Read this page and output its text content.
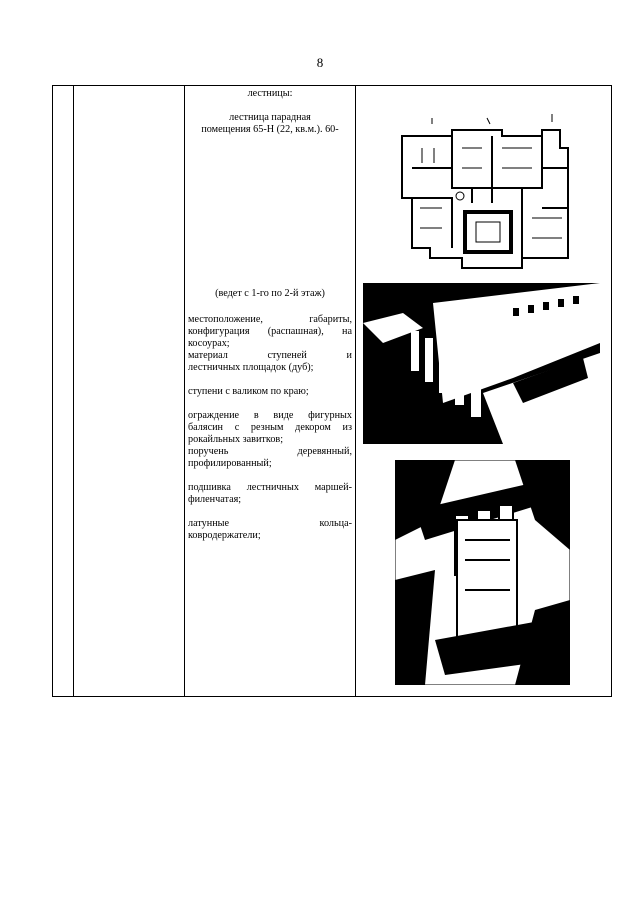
8

лестницы:

лестница парадная

помещения 65-Н (22, кв.м.). 60-

(ведет с 1-го по 2-й этаж)

местоположение, габариты,

конфигурация (распашная), на

косоурах;

материал ступеней и

лестничных площадок (дуб);

ступени с валиком по краю;

ограждение в виде фигурных

балясин с резным декором из

рокайльных завитков;

поручень деревянный,

профилированный;

подшивка лестничных маршей-

филенчатая;

латунные кольца-

ковродержатели;
